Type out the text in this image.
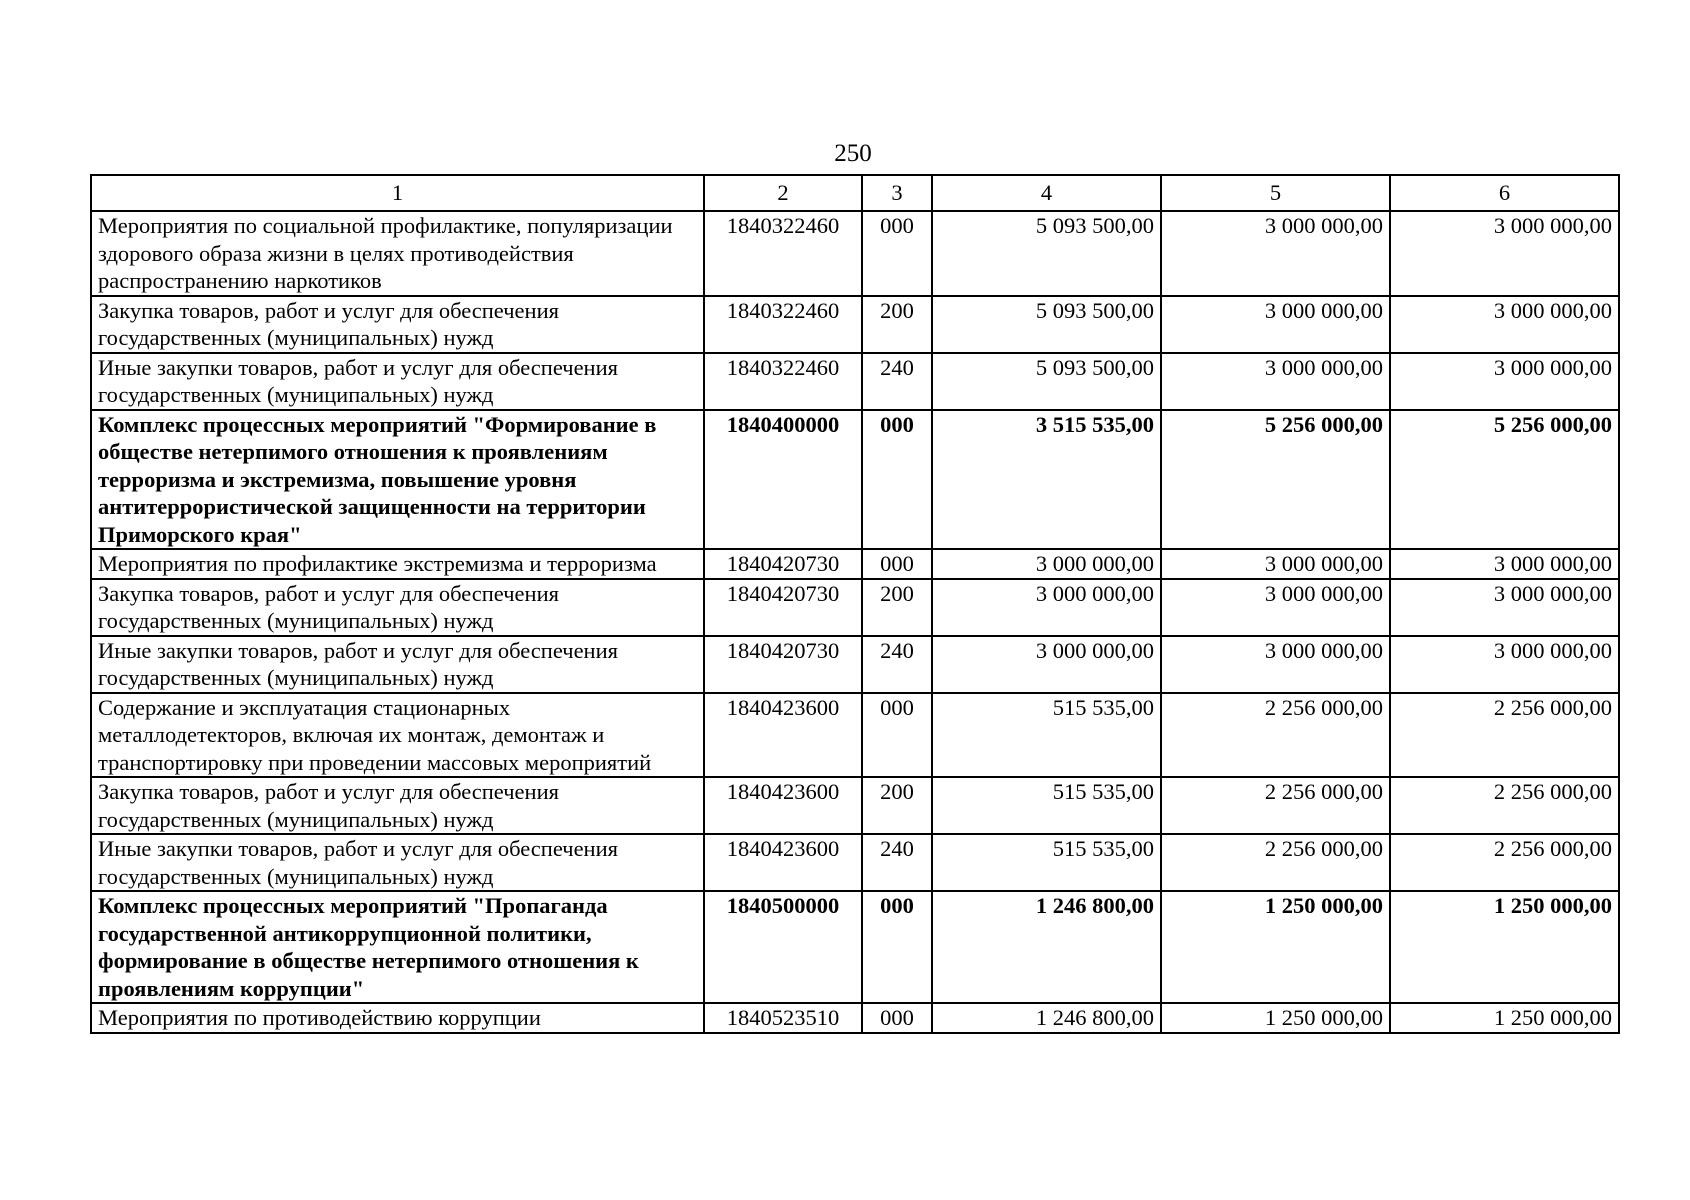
250
1	2	3	4	5	6
Мероприятия по социальной профилактике, популяризации здорового образа жизни в целях противодействия распространению наркотиков	1840322460	000	5 093 500,00	3 000 000,00	3 000 000,00
Закупка товаров, работ и услуг для обеспечения государственных (муниципальных) нужд	1840322460	200	5 093 500,00	3 000 000,00	3 000 000,00
Иные закупки товаров, работ и услуг для обеспечения государственных (муниципальных) нужд	1840322460	240	5 093 500,00	3 000 000,00	3 000 000,00
Комплекс процессных мероприятий "Формирование в обществе нетерпимого отношения к проявлениям терроризма и экстремизма, повышение уровня антитеррористической защищенности на территории Приморского края"	1840400000	000	3 515 535,00	5 256 000,00	5 256 000,00
Мероприятия по профилактике экстремизма и терроризма	1840420730	000	3 000 000,00	3 000 000,00	3 000 000,00
Закупка товаров, работ и услуг для обеспечения государственных (муниципальных) нужд	1840420730	200	3 000 000,00	3 000 000,00	3 000 000,00
Иные закупки товаров, работ и услуг для обеспечения государственных (муниципальных) нужд	1840420730	240	3 000 000,00	3 000 000,00	3 000 000,00
Содержание и эксплуатация стационарных металлодетекторов, включая их монтаж, демонтаж и транспортировку при проведении массовых мероприятий	1840423600	000	515 535,00	2 256 000,00	2 256 000,00
Закупка товаров, работ и услуг для обеспечения государственных (муниципальных) нужд	1840423600	200	515 535,00	2 256 000,00	2 256 000,00
Иные закупки товаров, работ и услуг для обеспечения государственных (муниципальных) нужд	1840423600	240	515 535,00	2 256 000,00	2 256 000,00
Комплекс процессных мероприятий "Пропаганда государственной антикоррупционной политики, формирование в обществе нетерпимого отношения к проявлениям коррупции"	1840500000	000	1 246 800,00	1 250 000,00	1 250 000,00
Мероприятия по противодействию коррупции	1840523510	000	1 246 800,00	1 250 000,00	1 250 000,00
